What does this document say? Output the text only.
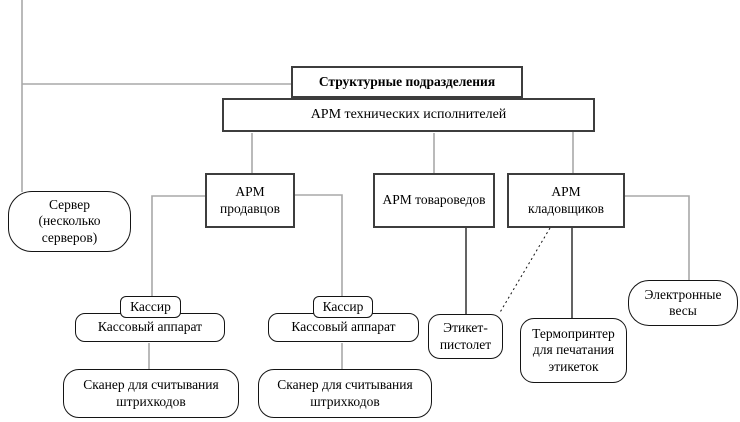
Структурные подразделения
АРМ технических исполнителей
АРМ продавцов
АРМ товароведов
АРМ кладовщиков
Сервер (несколько серверов)
Кассовый аппарат
Кассир
Сканер для считывания штрихкодов
Кассовый аппарат
Кассир
Сканер для считывания штрихкодов
Этикет-пистолет
Термопринтер для печатания этикеток
Электронные весы
